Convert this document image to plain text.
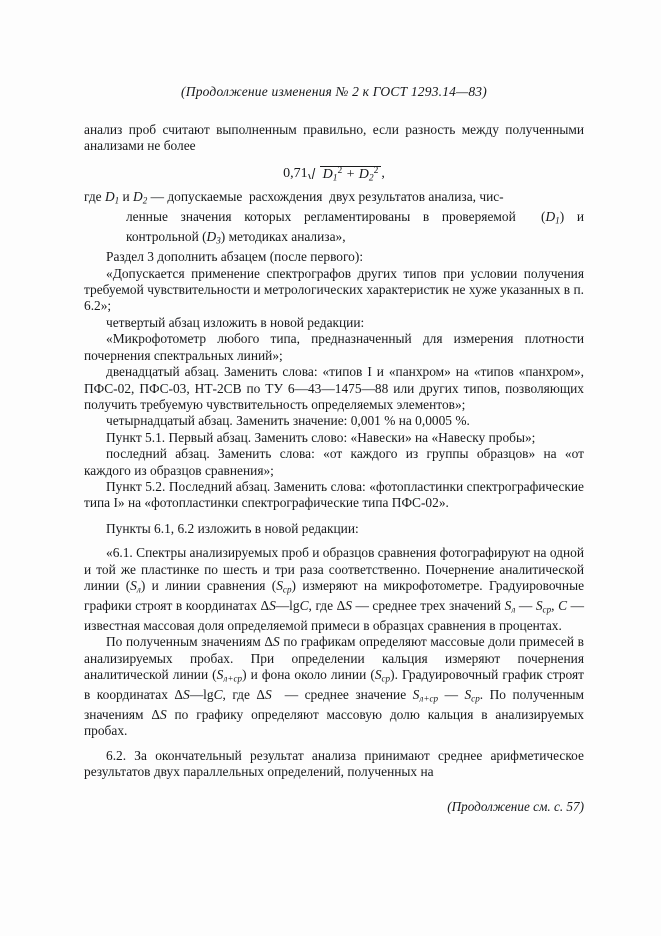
(Продолжение изменения № 2 к ГОСТ 1293.14—83)

анализ проб считают выполненным правильно, если разность между полученными анализами не более

0,71 $D_1^2 + D_2^2$ ,

где $D_1$ и $D_2$ — допускаемые  расхождения  двух результатов анализа, чис-

ленные значения которых регламентированы в проверяемой  $(D_1)$ и контрольной $(D_3)$ методиках анализа»,

Раздел 3 дополнить абзацем (после первого):

«Допускается применение спектрографов других типов при условии получения требуемой чувствительности и метрологических характеристик не хуже указанных в п. 6.2»;

четвертый абзац изложить в новой редакции:

«Микрофотометр любого типа, предназначенный для измерения плотности почернения спектральных линий»;

двенадцатый абзац. Заменить слова: «типов I и «панхром» на «типов «панхром», ПФС-02, ПФС-03, НТ-2СВ по ТУ 6—43—1475—88 или других типов, позволяющих получить требуемую чувствительность определяемых элементов»;

четырнадцатый абзац. Заменить значение: 0,001 % на 0,0005 %.

Пункт 5.1. Первый абзац. Заменить слово: «Навески» на «Навеску пробы»;

последний абзац. Заменить слова: «от каждого из группы образцов» на «от каждого из образцов сравнения»;

Пункт 5.2. Последний абзац. Заменить слова: «фотопластинки спектрографические типа I» на «фотопластинки спектрографические типа ПФС-02».

Пункты 6.1, 6.2 изложить в новой редакции:

«6.1. Спектры анализируемых проб и образцов сравнения фотографируют на одной и той же пластинке по шесть и три раза соответственно. Почернение аналитической линии $(S_л)$ и линии сравнения $(S_{ср})$ измеряют на микрофотометре. Градуировочные графики строят в координатах ΔS—lgC, где ΔS — среднее трех значений $S_л$ — $S_{ср}$, C — известная массовая доля определяемой примеси в образцах сравнения в процентах.

По полученным значениям ΔS по графикам определяют массовые доли примесей в анализируемых пробах. При определении кальция измеряют почернения аналитической линии $(S_{л+ср})$ и фона около линии $(S_{ср})$. Градуировочный график строят в координатах ΔS—lgC, где ΔS  — среднее значение $S_{л+ср}$ — $S_{ср}$. По полученным значениям ΔS по графику определяют массовую долю кальция в анализируемых пробах.

6.2. За окончательный результат анализа принимают среднее арифметическое результатов двух параллельных определений, полученных на

(Продолжение см. с. 57)
